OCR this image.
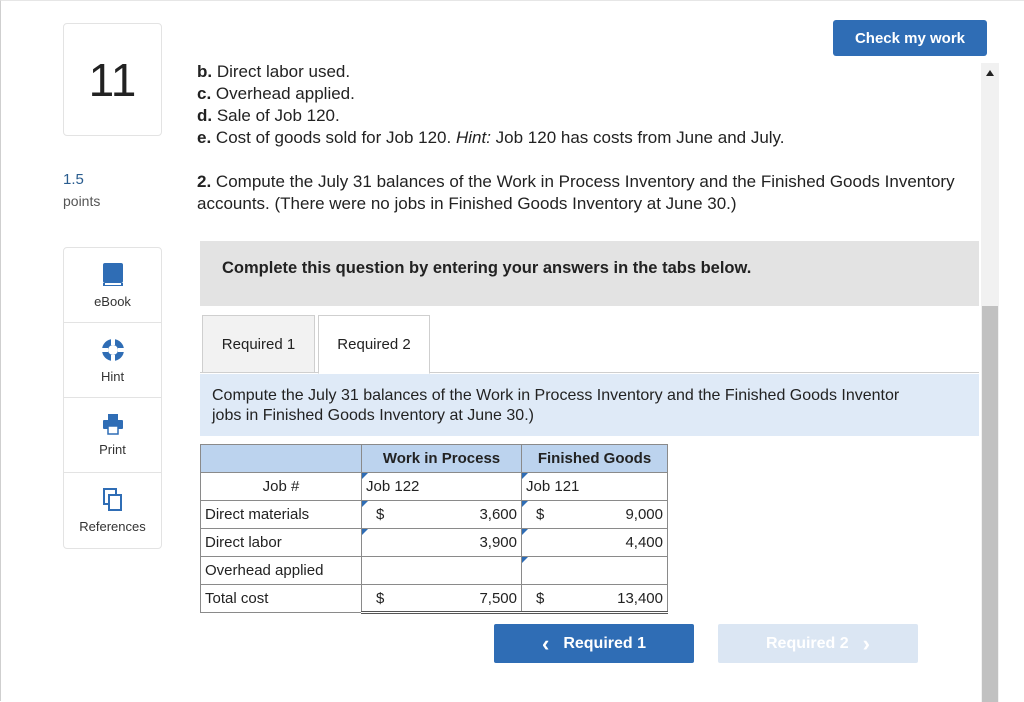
11
1.5
points
eBook
Hint
Print
References
Check my work
b. Direct labor used.
c. Overhead applied.
d. Sale of Job 120.
e. Cost of goods sold for Job 120. Hint: Job 120 has costs from June and July.
2. Compute the July 31 balances of the Work in Process Inventory and the Finished Goods Inventory accounts. (There were no jobs in Finished Goods Inventory at June 30.)
Complete this question by entering your answers in the tabs below.
Required 1	Required 2
Compute the July 31 balances of the Work in Process Inventory and the Finished Goods Inventor
jobs in Finished Goods Inventory at June 30.)
	Work in Process	Finished Goods
Job #	Job 122	Job 121
Direct materials	$ 3,600	$ 9,000

Direct labor	3,900	4,400

Overhead applied	

Total cost	$ 7,500	$ 13,400
‹ Required 1	Required 2 ›
